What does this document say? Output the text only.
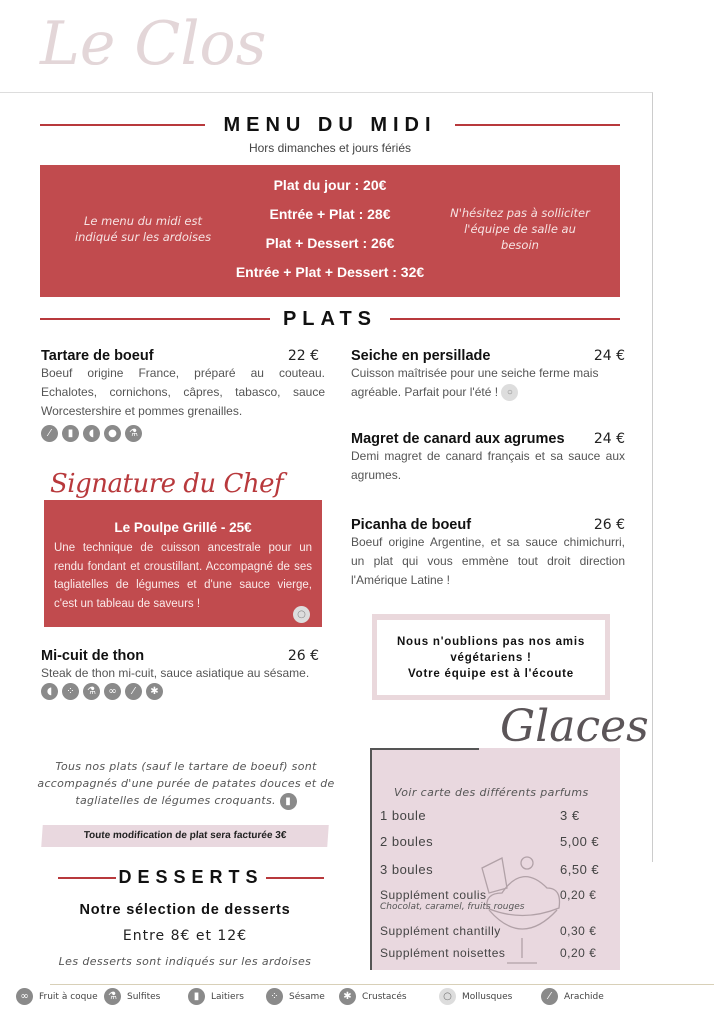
Le Clos
MENU DU MIDI
Hors dimanches et jours fériés
Plat du jour : 20€
Entrée + Plat : 28€
Plat + Dessert : 26€
Entrée + Plat + Dessert : 32€
Le menu du midi est indiqué sur les ardoises
N'hésitez pas à solliciter l'équipe de salle au besoin
PLATS
Tartare de boeuf	22 €
Boeuf origine France, préparé au couteau. Echalotes, cornichons, câpres, tabasco, sauce Worcestershire et pommes grenailles.
⁄	▮	◖	●	⚗
Le Poulpe Grillé - 25€
Une technique de cuisson ancestrale pour un rendu fondant et croustillant. Accompagné de ses tagliatelles de légumes et d'une sauce vierge, c'est un tableau de saveurs !
○
Signature du Chef
Mi-cuit de thon	26 €
Steak de thon mi-cuit, sauce asiatique au sésame.
◖	⁘	⚗	∞	⁄	✱
Tous nos plats (sauf le tartare de boeuf) sont accompagnés d'une purée de patates douces et de tagliatelles de légumes croquants. ▮
Toute modification de plat sera facturée 3€
Seiche en persillade	24 €
Cuisson maîtrisée pour une seiche ferme mais agréable. Parfait pour l'été ! ○
Magret de canard aux agrumes 24 €
Demi magret de canard français et sa sauce aux agrumes.
Picanha de boeuf	26 €
Boeuf origine Argentine, et sa sauce chimichurri, un plat qui vous emmène tout droit direction l'Amérique Latine !
Nous n'oublions pas nos amis
végétariens !
Votre équipe est à l'écoute
Voir carte des différents parfums
1 boule	3 €
2 boules	5,00 €
3 boules	6,50 €
Supplément coulis	0,20 €
Chocolat, caramel, fruits rouges
Supplément chantilly	0,30 €
Supplément noisettes	0,20 €
Glaces
DESSERTS
Notre sélection de desserts
Entre 8€ et 12€
Les desserts sont indiqués sur les ardoises
∞	Fruit à coque	⚗	Sulfites	▮	Laitiers	⁘	Sésame	✱	Crustacés	○	Mollusques	⁄	Arachide
